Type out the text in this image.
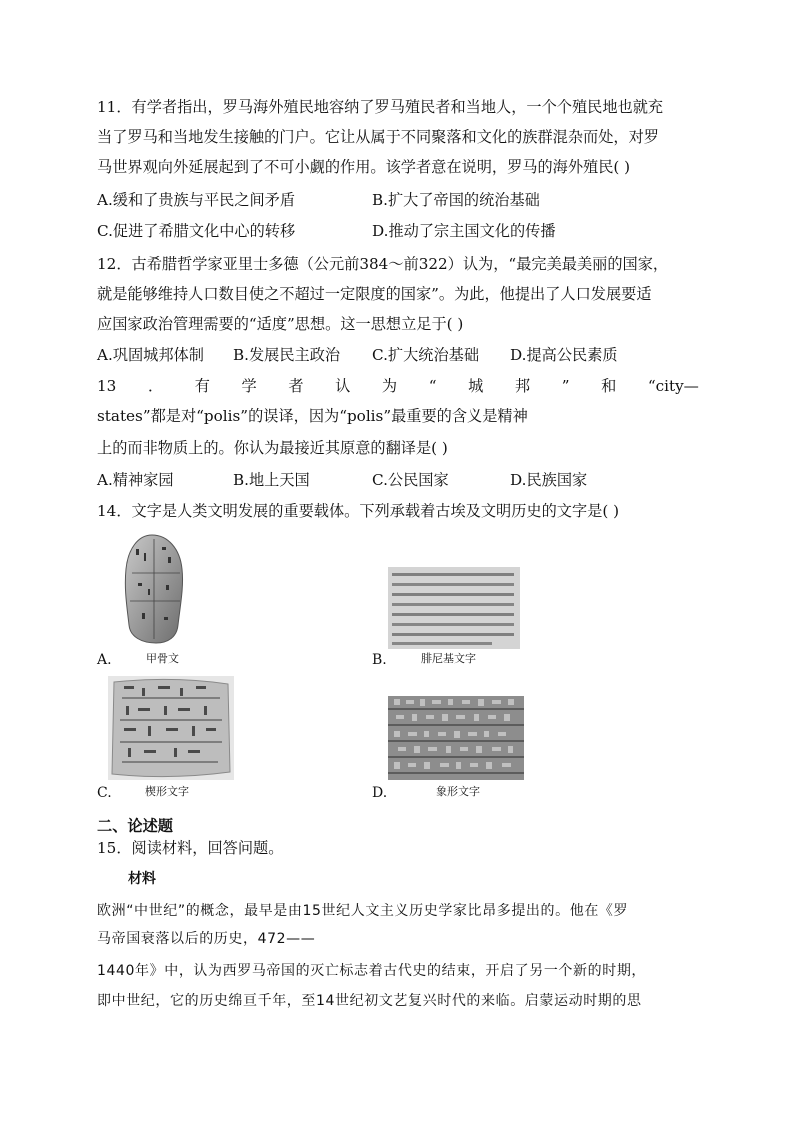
11．有学者指出，罗马海外殖民地容纳了罗马殖民者和当地人，一个个殖民地也就充
当了罗马和当地发生接触的门户。它让从属于不同聚落和文化的族群混杂而处，对罗
马世界观向外延展起到了不可小觑的作用。该学者意在说明，罗马的海外殖民( )
A.缓和了贵族与平民之间矛盾	B.扩大了帝国的统治基础
C.促进了希腊文化中心的转移	D.推动了宗主国文化的传播
12．古希腊哲学家亚里士多德（公元前384～前322）认为，“最完美最美丽的国家，
就是能够维持人口数目使之不超过一定限度的国家”。为此，他提出了人口发展要适
应国家政治管理需要的“适度”思想。这一思想立足于( )
A.巩固城邦体制 B.发展民主政治 C.扩大统治基础 D.提高公民素质
13 ． 有 学 者 认 为 “ 城 邦 ” 和 “city—
states”都是对“polis”的误译，因为“polis”最重要的含义是精神
上的而非物质上的。你认为最接近其原意的翻译是( )
A.精神家园	B.地上天国	C.公民国家	D.民族国家
14．文字是人类文明发展的重要载体。下列承载着古埃及文明历史的文字是( )
A.	甲骨文	B.	腓尼基文字
C.	楔形文字	D.	象形文字
二、论述题
15．阅读材料，回答问题。
材料
欧洲“中世纪”的概念，最早是由15世纪人文主义历史学家比昂多提出的。他在《罗
马帝国衰落以后的历史，472——
1440年》中，认为西罗马帝国的灭亡标志着古代史的结束，开启了另一个新的时期，
即中世纪，它的历史绵亘千年，至14世纪初文艺复兴时代的来临。启蒙运动时期的思
